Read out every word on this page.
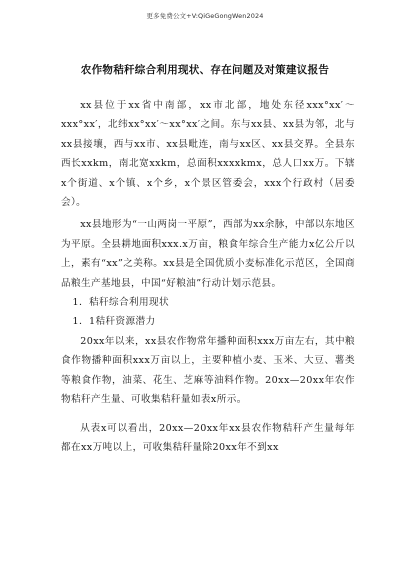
更多免费公文+V:QiGeGongWen2024
农作物秸秆综合利用现状、存在问题及对策建议报告

xx县位于xx省中南部，xx市北部，地处东径xxx°xx′～xxx°xx′，北纬xx°xx′～xx°xx′之间。东与xx县、xx县为邻，北与xx县接壤，西与xx市、xx县毗连，南与xx区、xx县交界。全县东西长xxkm，南北宽xxkm，总面积xxxxkmx，总人口xx万。下辖x个街道、x个镇、x个乡，x个景区管委会，xxx个行政村（居委会）。

xx县地形为“一山两岗一平原”，西部为xx余脉，中部以东地区为平原。全县耕地面积xxx.x万亩，粮食年综合生产能力x亿公斤以上，素有“xx”之美称。xx县是全国优质小麦标准化示范区，全国商品粮生产基地县，中国“好粮油”行动计划示范县。

1．秸秆综合利用现状

1．1秸秆资源潜力

20xx年以来，xx县农作物常年播种面积xxx万亩左右，其中粮食作物播种面积xxx万亩以上，主要种植小麦、玉米、大豆、薯类等粮食作物，油菜、花生、芝麻等油料作物。20xx—20xx年农作物秸秆产生量、可收集秸秆量如表x所示。

从表x可以看出，20xx—20xx年xx县农作物秸秆产生量每年都在xx万吨以上，可收集秸秆量除20xx年不到xx
